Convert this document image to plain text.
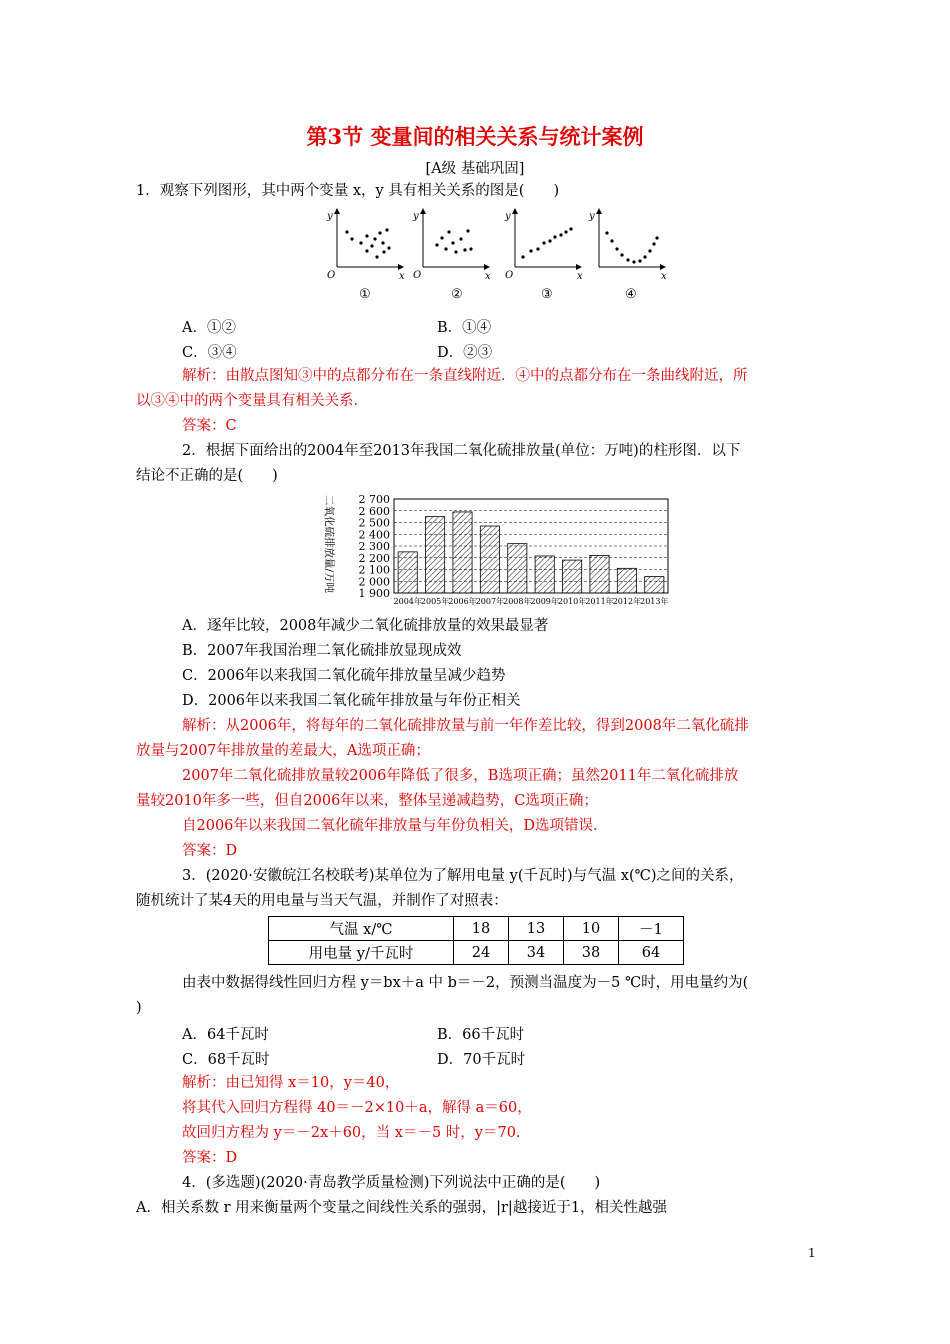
第3节 变量间的相关关系与统计案例
[A级 基础巩固]
1．观察下列图形，其中两个变量 x，y 具有相关关系的图是(　　)
y
O	x
①
y
O	x
②
y
O	x
③
y
x
④
A．①②	B．①④
C．③④	D．②③
解析：由散点图知③中的点都分布在一条直线附近．④中的点都分布在一条曲线附近，所
以③④中的两个变量具有相关关系．
答案：C
2．根据下面给出的2004年至2013年我国二氧化硫排放量(单位：万吨)的柱形图．以下
结论不正确的是(　　)
1 900
2 000
2 100
2 200
2 300
2 400
2 500
2 600
2 700
2004年 2005年 2006年 2007年 2008年 2009年 2010年 2011年 2012年 2013年
二氧化硫排放量/万吨
A．逐年比较，2008年减少二氧化硫排放量的效果最显著
B．2007年我国治理二氧化硫排放显现成效
C．2006年以来我国二氧化硫年排放量呈减少趋势
D．2006年以来我国二氧化硫年排放量与年份正相关
解析：从2006年，将每年的二氧化硫排放量与前一年作差比较，得到2008年二氧化硫排
放量与2007年排放量的差最大，A选项正确；
2007年二氧化硫排放量较2006年降低了很多，B选项正确；虽然2011年二氧化硫排放
量较2010年多一些，但自2006年以来，整体呈递减趋势，C选项正确；
自2006年以来我国二氧化硫年排放量与年份负相关，D选项错误．
答案：D
3．(2020·安徽皖江名校联考)某单位为了解用电量 y(千瓦时)与气温 x(℃)之间的关系，
随机统计了某4天的用电量与当天气温，并制作了对照表：
气温 x/℃	18	13	10	－1
用电量 y/千瓦时	24	34	38	64
由表中数据得线性回归方程 y＝bx＋a 中 b＝－2，预测当温度为－5 ℃时，用电量约为(
)
A．64千瓦时	B．66千瓦时
C．68千瓦时	D．70千瓦时
解析：由已知得 x＝10，y＝40，
将其代入回归方程得 40＝－2×10＋a，解得 a＝60，
故回归方程为 y＝－2x＋60，当 x＝－5 时，y＝70.
答案：D
4．(多选题)(2020·青岛教学质量检测)下列说法中正确的是(　　)
A．相关系数 r 用来衡量两个变量之间线性关系的强弱，|r|越接近于1，相关性越强
1
